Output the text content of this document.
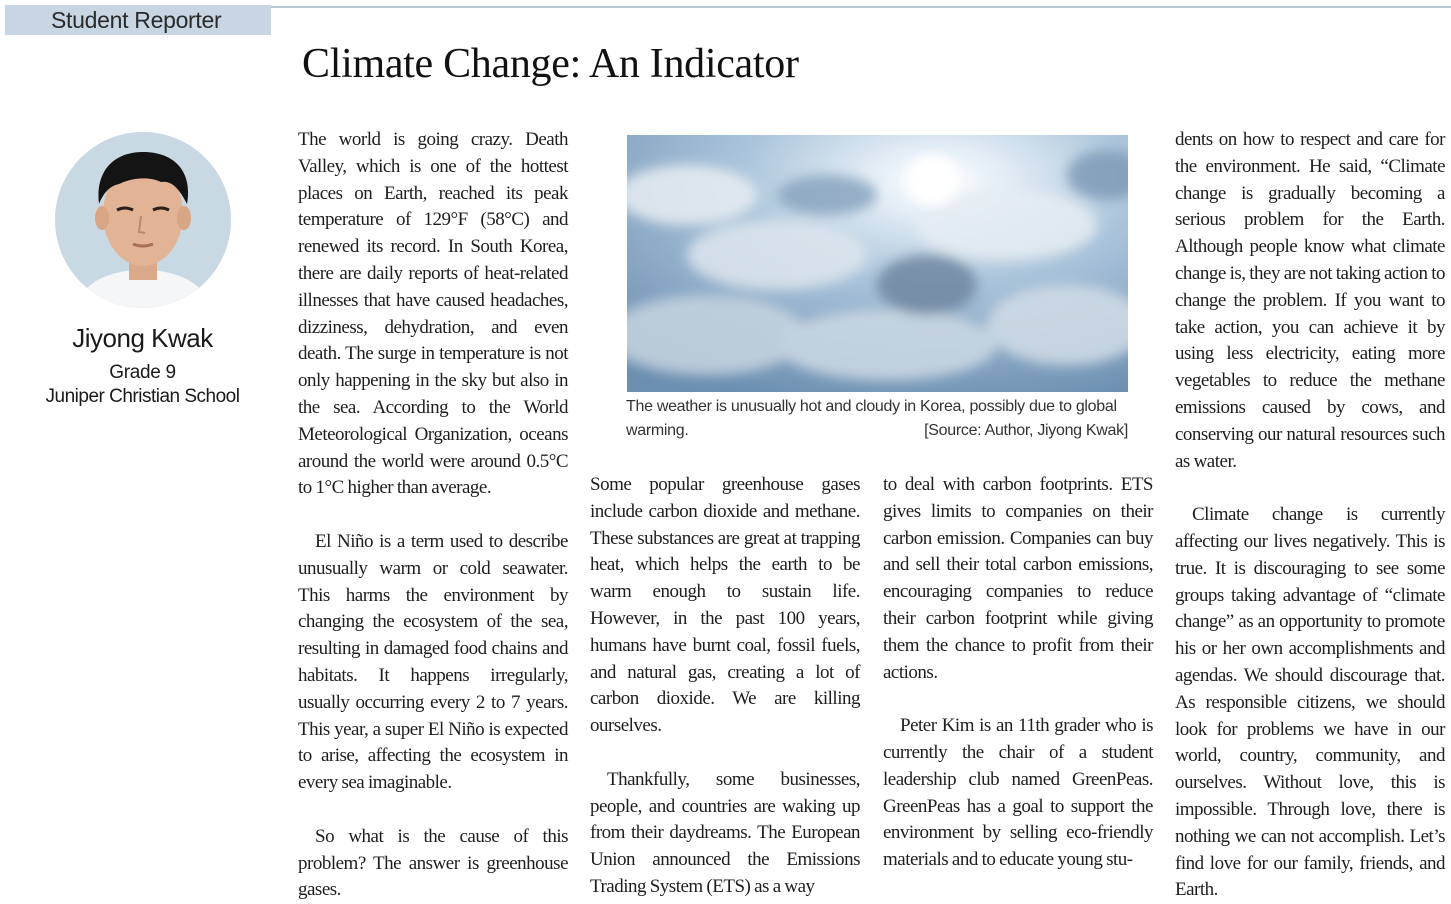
Student Reporter
Climate Change: An Indicator
Jiyong Kwak
Grade 9
Juniper Christian School

The world is going crazy. Death Valley, which is one of the hottest places on Earth, reached its peak temperature of 129°F (58°C) and renewed its record. In South Korea, there are daily reports of heat-related illnesses that have caused headaches, dizziness, dehydration, and even death. The surge in temperature is not only happening in the sky but also in the sea. According to the World Meteorological Organization, oceans around the world were around 0.5°C to 1°C higher than average.

El Niño is a term used to describe unusually warm or cold seawater. This harms the environment by changing the ecosystem of the sea, resulting in damaged food chains and habitats. It happens irregularly, usually occurring every 2 to 7 years. This year, a super El Niño is expected to arise, affecting the ecosystem in every sea imaginable.

So what is the cause of this problem? The answer is greenhouse gases.

The weather is unusually hot and cloudy in Korea, possibly due to global warming.	[Source: Author, Jiyong Kwak]

Some popular greenhouse gases include carbon dioxide and methane. These substances are great at trapping heat, which helps the earth to be warm enough to sustain life. However, in the past 100 years, humans have burnt coal, fossil fuels, and natural gas, creating a lot of carbon dioxide. We are killing ourselves.

Thankfully, some businesses, people, and countries are waking up from their daydreams. The European Union announced the Emissions Trading System (ETS) as a way

to deal with carbon footprints. ETS gives limits to companies on their carbon emission. Companies can buy and sell their total carbon emissions, encouraging companies to reduce their carbon footprint while giving them the chance to profit from their actions.

Peter Kim is an 11th grader who is currently the chair of a student leadership club named GreenPeas. GreenPeas has a goal to support the environment by selling eco-friendly materials and to educate young stu-

dents on how to respect and care for the environment. He said, “Climate change is gradually becoming a serious problem for the Earth. Although people know what climate change is, they are not taking action to change the problem. If you want to take action, you can achieve it by using less electricity, eating more vegetables to reduce the methane emissions caused by cows, and conserving our natural resources such as water.

Climate change is currently affecting our lives negatively. This is true. It is discouraging to see some groups taking advantage of “climate change” as an opportunity to promote his or her own accomplishments and agendas. We should discourage that. As responsible citizens, we should look for problems we have in our world, country, community, and ourselves. Without love, this is impossible. Through love, there is nothing we can not accomplish. Let’s find love for our family, friends, and Earth.
